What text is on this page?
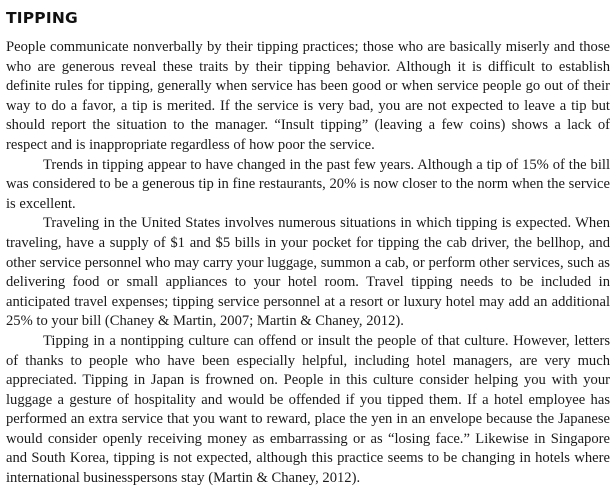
TIPPING

People communicate nonverbally by their tipping practices; those who are basically miserly and those who are generous reveal these traits by their tipping behavior. Although it is difficult to establish definite rules for tipping, generally when service has been good or when service people go out of their way to do a favor, a tip is merited. If the service is very bad, you are not expected to leave a tip but should report the situation to the manager. “Insult tipping” (leaving a few coins) shows a lack of respect and is inappropriate regardless of how poor the service.

Trends in tipping appear to have changed in the past few years. Although a tip of 15% of the bill was considered to be a generous tip in fine restaurants, 20% is now closer to the norm when the service is excellent.

Traveling in the United States involves numerous situations in which tipping is expected. When traveling, have a supply of $1 and $5 bills in your pocket for tipping the cab driver, the bellhop, and other service personnel who may carry your luggage, summon a cab, or perform other services, such as delivering food or small appliances to your hotel room. Travel tipping needs to be included in anticipated travel expenses; tipping service personnel at a resort or luxury hotel may add an additional 25% to your bill (Chaney & Martin, 2007; Martin & Chaney, 2012).

Tipping in a nontipping culture can offend or insult the people of that culture. However, letters of thanks to people who have been especially helpful, including hotel managers, are very much appreciated. Tipping in Japan is frowned on. People in this culture consider helping you with your luggage a gesture of hospitality and would be offended if you tipped them. If a hotel employee has performed an extra service that you want to reward, place the yen in an envelope because the Japanese would consider openly receiving money as embarrassing or as “losing face.” Likewise in Singapore and South Korea, tipping is not expected, although this practice seems to be changing in hotels where international businesspersons stay (Martin & Chaney, 2012).
